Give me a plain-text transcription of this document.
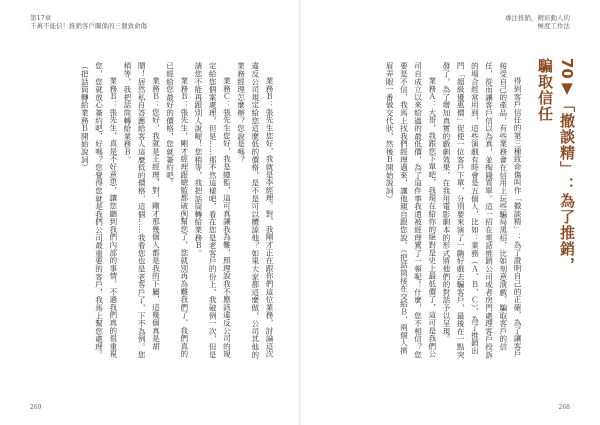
第17章
千萬不能信！推銷客戶關係的三個致命傷

業務Ｂ：張先生您好，我就是李經理。對，我剛才正在跟你們這位業務，討論這次違反公司規定給您這麼低的價格，是不是可以體諒他？如果大家都這麼做，公司其他的業務經理怎麼辦？您說是嗎？

業務Ｃ：張先生您好，我是總監，這可真讓我為難，照理說我不應該違反公司的規定給您個案處理，但是……那不然這樣吧，看在您是老客戶的份上，我破例一次，但是請您不能再跟別人說喔！您稍等，我把話筒轉給業務Ｂ。

業務Ｂ：張先生，剛才經理跟總監都破例幫您了，您就別再為難我們了，我們真的已經給您最好的價格，您就簽約吧。

業務Ｂ：您好，我就是王經理，對，剛才那幾個人都是我的下屬，這幾個真是胡鬧！居然私自答應給客人這麼低的價格，這個……我看您也是老客戶了，下不為例。您稍等，我把話筒轉給業務Ｂ。

業務Ｂ：張先生，真是不好意思，讓您聽到我們內部的事情，不過我們真的很重視您，您就放心簽約吧，好嗎？您覺得您就是我們公司最重要的客戶，我馬上幫您處理。（把話筒轉給業務Ｂ開始說詞）

269
專注推銷，精彩動人的
極度工作法
70▼「撤談精」：為了推銷，
騙取信任

得到客戶信任的第三種致命傷叫作「撤談精」：為了證明自己的正確，為了讓客戶接受自己的產品，有些業務會在信用上玩些騙局黑招，比如刻意演戲、騙取客戶的信任，從而讓客戶信以為真，並掏錢買單。這一招在電話推銷公司或者房門處理客戶投訴的場合經常用到，這些演戲有時會是五個人，比如：業務（Ａ、Ｂ、Ｃ）、為了推銷出門「超級優惠價」促使一位客戶下單，分別要來演了一齣好戲去騙客戶，最後在一點突發了，為了增加真實的戲劇效果，在我用電影劇本的形式將他們的對話予以呈現。

業務Ａ：大哥，我跟您下單吧，我現在給你的絕對是史上最低價了，這可是我們公司自成立以來給過的最低價，為了這件事我還被經理罵了一頓呢！什麼，您不相信？您要是不信，我馬上找我們經理過來，讓他親自跟您說。（把話筒接在交給Ｂ，兩個人擠眉弄眼一番做交代狀，然後Ｂ開始說詞）

268
